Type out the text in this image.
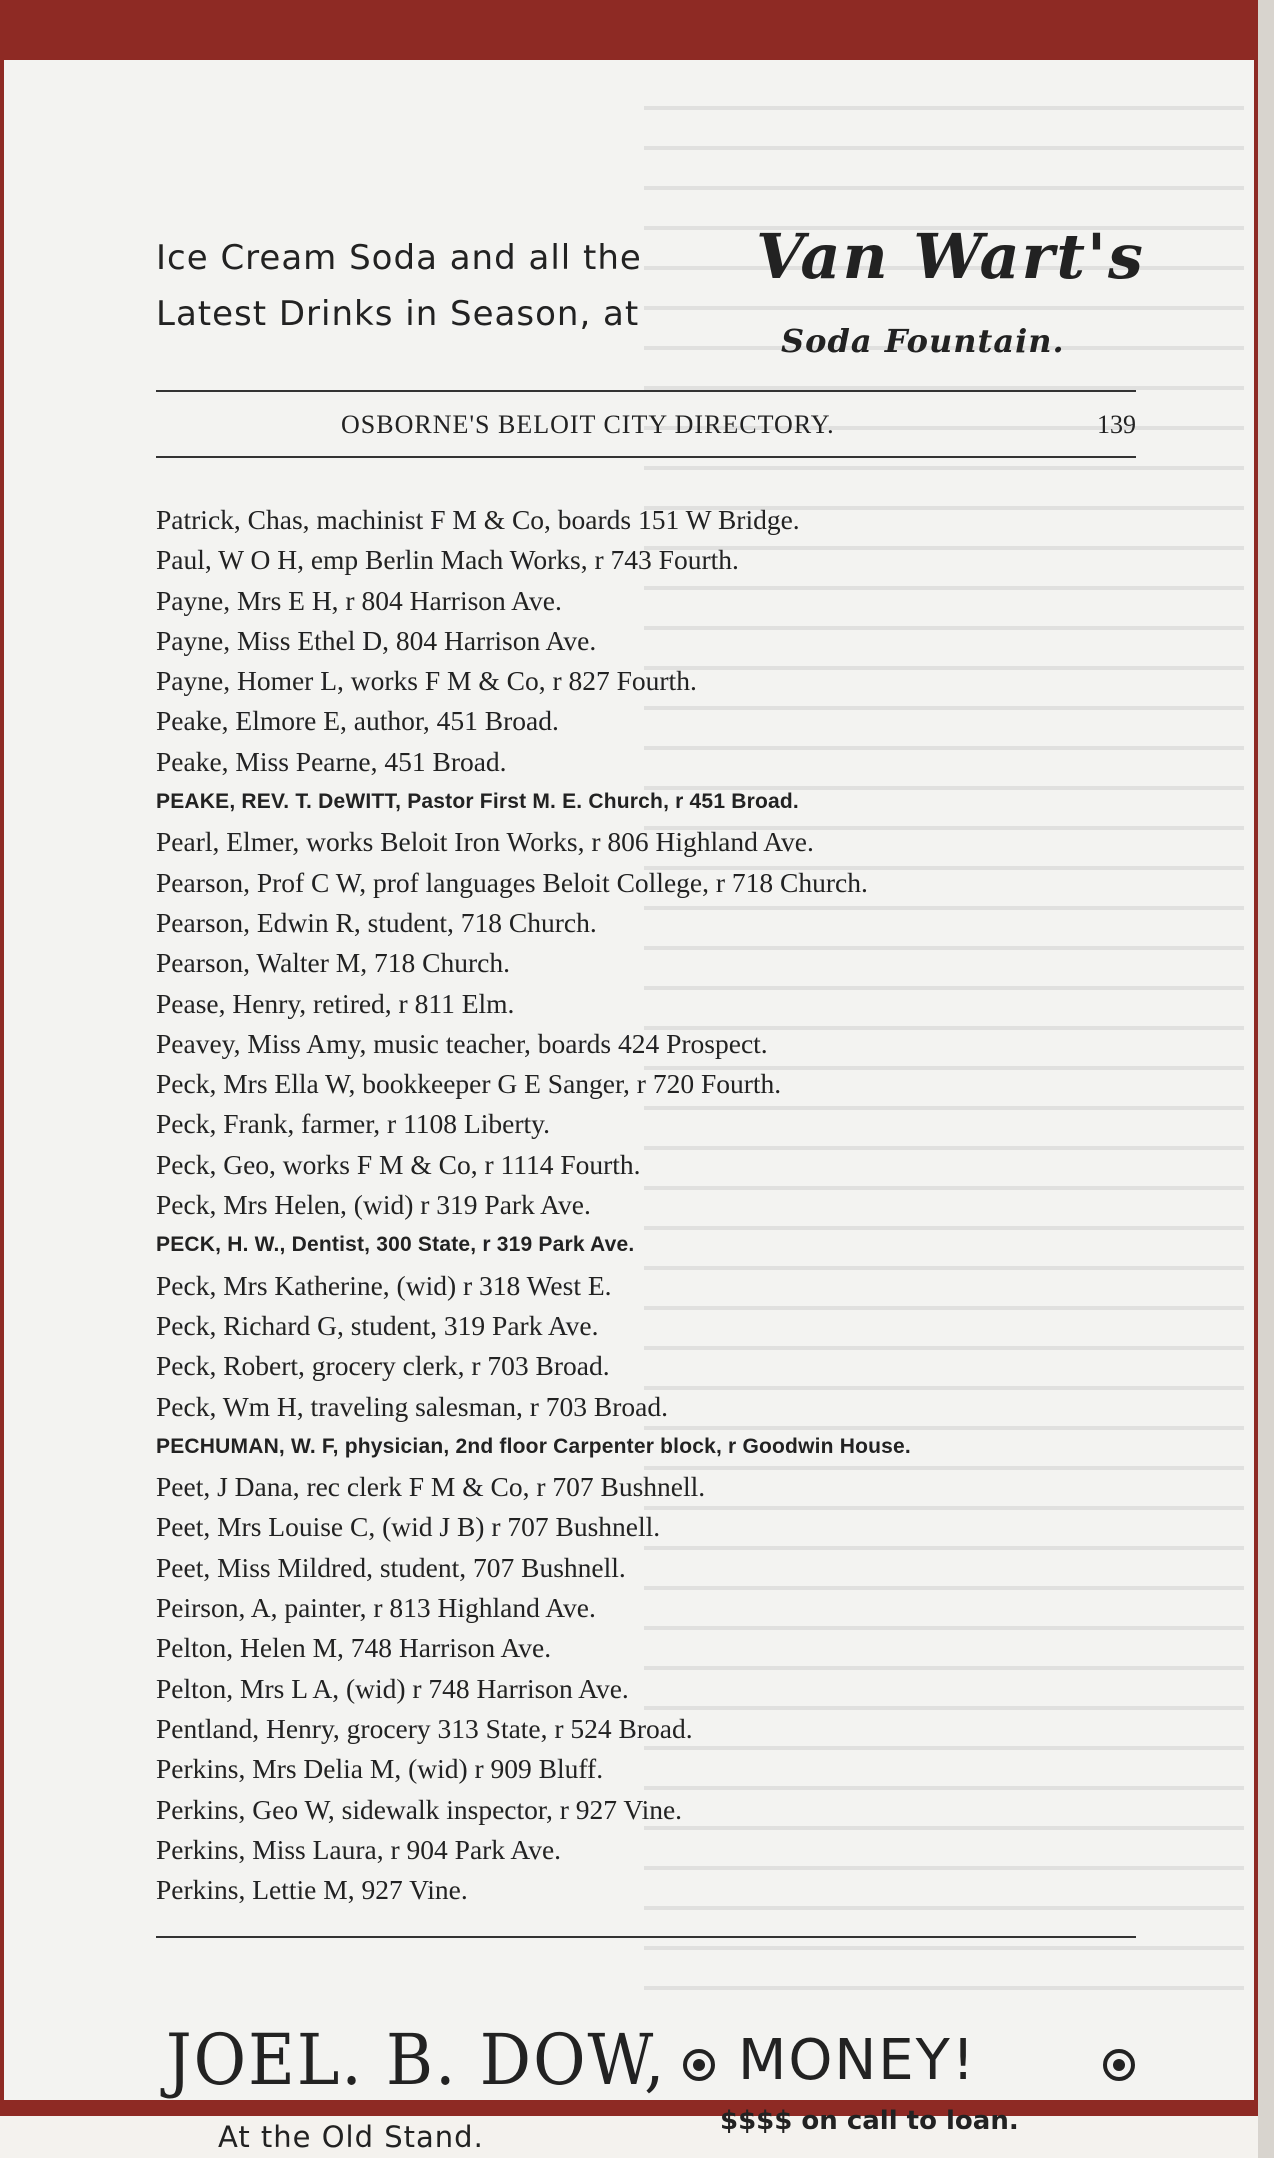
Ice Cream Soda and all the
Latest Drinks in Season, at
Van Wart's
Soda Fountain.
OSBORNE'S BELOIT CITY DIRECTORY.	139
Patrick, Chas, machinist F M & Co, boards 151 W Bridge.
Paul, W O H, emp Berlin Mach Works, r 743 Fourth.
Payne, Mrs E H, r 804 Harrison Ave.
Payne, Miss Ethel D, 804 Harrison Ave.
Payne, Homer L, works F M & Co, r 827 Fourth.
Peake, Elmore E, author, 451 Broad.
Peake, Miss Pearne, 451 Broad.
PEAKE, REV. T. DeWITT, Pastor First M. E. Church, r 451 Broad.
Pearl, Elmer, works Beloit Iron Works, r 806 Highland Ave.
Pearson, Prof C W, prof languages Beloit College, r 718 Church.
Pearson, Edwin R, student, 718 Church.
Pearson, Walter M, 718 Church.
Pease, Henry, retired, r 811 Elm.
Peavey, Miss Amy, music teacher, boards 424 Prospect.
Peck, Mrs Ella W, bookkeeper G E Sanger, r 720 Fourth.
Peck, Frank, farmer, r 1108 Liberty.
Peck, Geo, works F M & Co, r 1114 Fourth.
Peck, Mrs Helen, (wid) r 319 Park Ave.
PECK, H. W., Dentist, 300 State, r 319 Park Ave.
Peck, Mrs Katherine, (wid) r 318 West E.
Peck, Richard G, student, 319 Park Ave.
Peck, Robert, grocery clerk, r 703 Broad.
Peck, Wm H, traveling salesman, r 703 Broad.
PECHUMAN, W. F, physician, 2nd floor Carpenter block, r Goodwin House.
Peet, J Dana, rec clerk F M & Co, r 707 Bushnell.
Peet, Mrs Louise C, (wid J B) r 707 Bushnell.
Peet, Miss Mildred, student, 707 Bushnell.
Peirson, A, painter, r 813 Highland Ave.
Pelton, Helen M, 748 Harrison Ave.
Pelton, Mrs L A, (wid) r 748 Harrison Ave.
Pentland, Henry, grocery 313 State, r 524 Broad.
Perkins, Mrs Delia M, (wid) r 909 Bluff.
Perkins, Geo W, sidewalk inspector, r 927 Vine.
Perkins, Miss Laura, r 904 Park Ave.
Perkins, Lettie M, 927 Vine.
JOEL. B. DOW,
At the Old Stand.
MONEY!
$$$$ on call to loan.
